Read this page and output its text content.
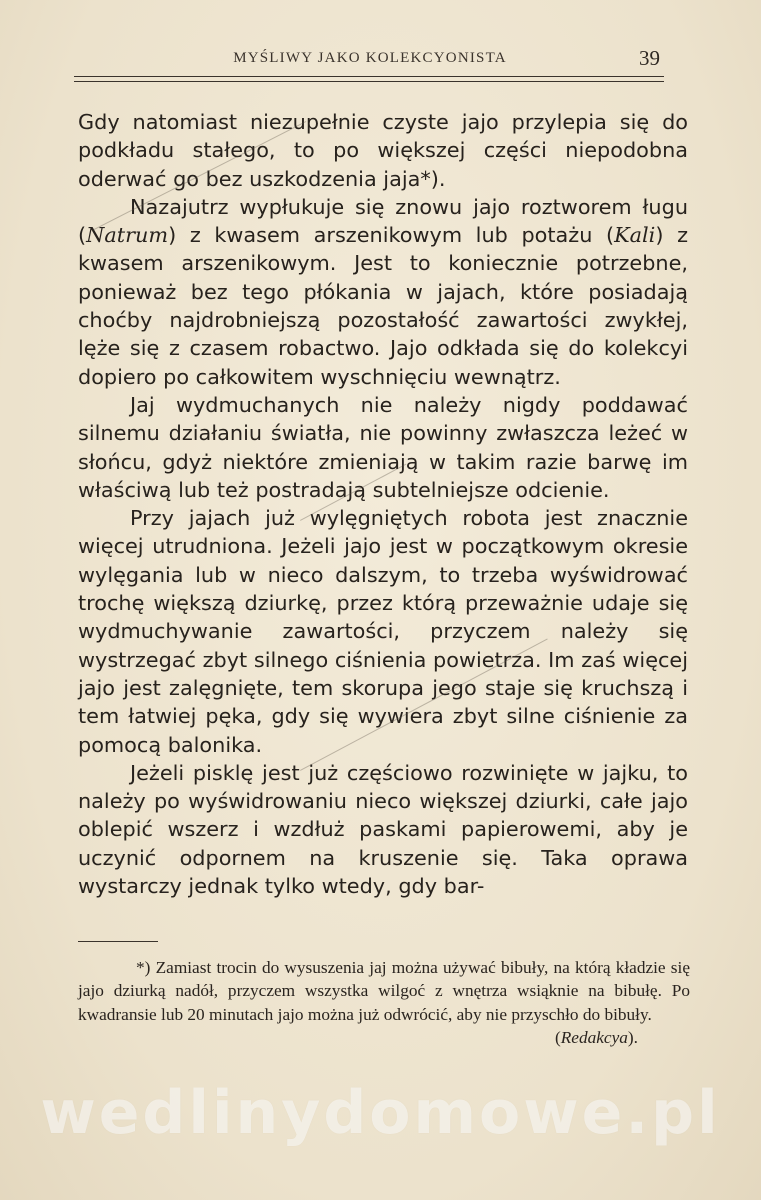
MYŚLIWY JAKO KOLEKCYONISTA	39

Gdy natomiast niezupełnie czyste jajo przylepia się do podkładu stałego, to po większej części niepodobna oderwać go bez uszkodzenia jaja*).

Nazajutrz wypłukuje się znowu jajo roztworem ługu (Natrum) z kwasem arszenikowym lub potażu (Kali) z kwasem arszenikowym. Jest to koniecznie potrzebne, ponieważ bez tego płókania w jajach, które posiadają choćby najdrobniejszą pozostałość zawartości zwykłej, lęże się z czasem robactwo. Jajo odkłada się do kolekcyi dopiero po całkowitem wyschnięciu wewnątrz.

Jaj wydmuchanych nie należy nigdy poddawać silnemu działaniu światła, nie powinny zwłaszcza leżeć w słońcu, gdyż niektóre zmieniają w takim razie barwę im właściwą lub też postradają subtelniejsze odcienie.

Przy jajach już wylęgniętych robota jest znacznie więcej utrudniona. Jeżeli jajo jest w początkowym okresie wylęgania lub w nieco dalszym, to trzeba wyświdrować trochę większą dziurkę, przez którą przeważnie udaje się wydmuchywanie zawartości, przyczem należy się wystrzegać zbyt silnego ciśnienia powietrza. Im zaś więcej jajo jest zalęgnięte, tem skorupa jego staje się kruchszą i tem łatwiej pęka, gdy się wywiera zbyt silne ciśnienie za pomocą balonika.

Jeżeli pisklę jest już częściowo rozwinięte w jajku, to należy po wyświdrowaniu nieco większej dziurki, całe jajo oblepić wszerz i wzdłuż paskami papierowemi, aby je uczynić odpornem na kruszenie się. Taka oprawa wystarczy jednak tylko wtedy, gdy bar-

*) Zamiast trocin do wysuszenia jaj można używać bibuły, na którą kładzie się jajo dziurką nadół, przyczem wszystka wilgoć z wnętrza wsiąknie na bibułę. Po kwadransie lub 20 minutach jajo można już odwrócić, aby nie przyschło do bibuły.

(Redakcya).

wedlinydomowe.pl
